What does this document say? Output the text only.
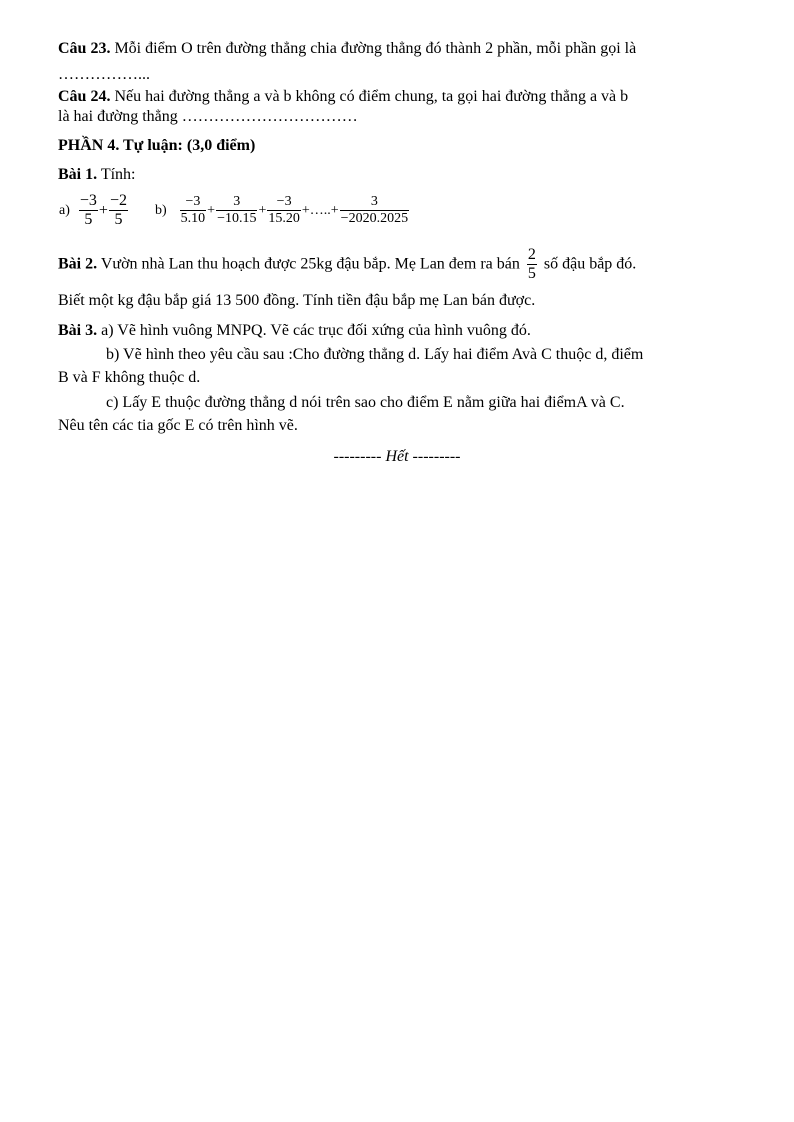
Câu 23. Mỗi điểm O trên đường thẳng chia đường thẳng đó thành 2 phần, mỗi phần gọi là
……………...
Câu 24. Nếu hai đường thẳng a và b không có điểm chung, ta gọi hai đường thẳng a và b
là hai đường thẳng ……………………………
PHẦN 4. Tự luận: (3,0 điểm)
Bài 1. Tính:
$a) \frac{-3}{5} + \frac{-2}{5} b) \frac{-3}{5.10} + \frac{3}{-10.15} + \frac{-3}{15.20}$ +…..+ $\frac{3}{-2020.2025}$
Bài 2. Vườn nhà Lan thu hoạch được 25kg đậu bắp. Mẹ Lan đem ra bán $\frac{2}{5}$ số đậu bắp đó.
Biết một kg đậu bắp giá 13 500 đồng. Tính tiền đậu bắp mẹ Lan bán được.
Bài 3. a) Vẽ hình vuông MNPQ. Vẽ các trục đối xứng của hình vuông đó.
b) Vẽ hình theo yêu cầu sau :Cho đường thẳng d. Lấy hai điểm Avà C thuộc d, điểm
B và F không thuộc d.
c) Lấy E thuộc đường thẳng d nói trên sao cho điểm E nằm giữa hai điểmA và C.
Nêu tên các tia gốc E có trên hình vẽ.
--------- Hết ---------
